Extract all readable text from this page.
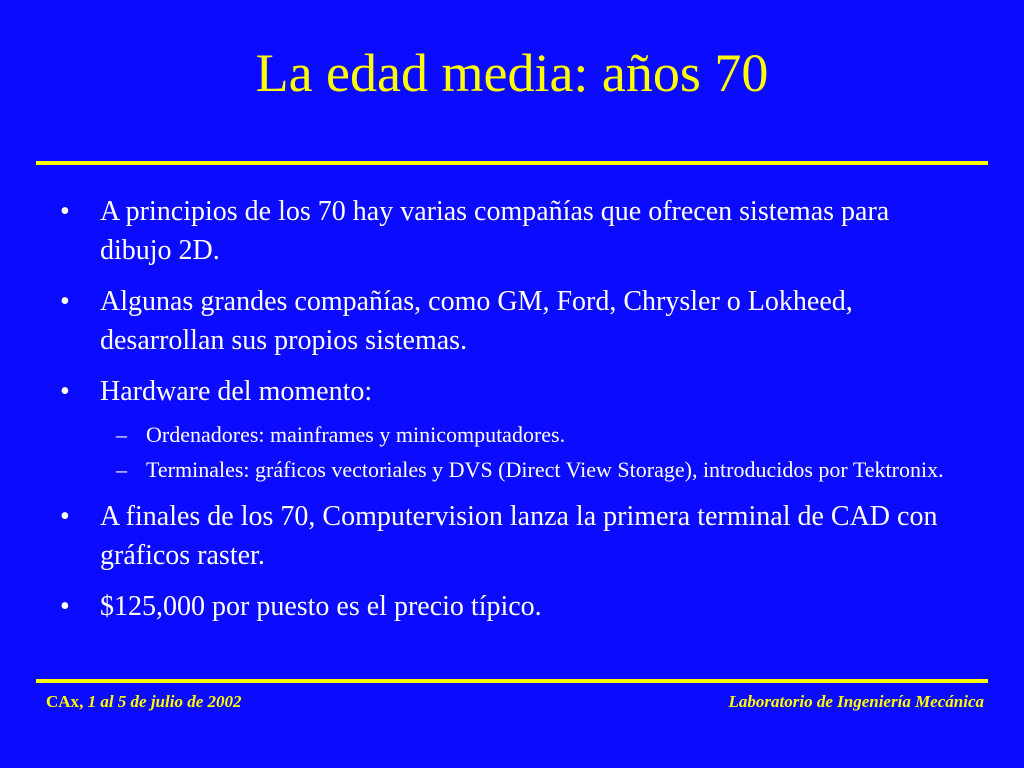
La edad media: años 70
• A principios de los 70 hay varias compañías que ofrecen sistemas para dibujo 2D.
• Algunas grandes compañías, como GM, Ford, Chrysler o Lokheed, desarrollan sus propios sistemas.
• Hardware del momento:
– Ordenadores: mainframes y minicomputadores.
– Terminales: gráficos vectoriales y DVS (Direct View Storage), introducidos por Tektronix.
• A finales de los 70, Computervision lanza la primera terminal de CAD con gráficos raster.
• $125,000 por puesto es el precio típico.
CAx, 1 al 5 de julio de 2002	Laboratorio de Ingeniería Mecánica
